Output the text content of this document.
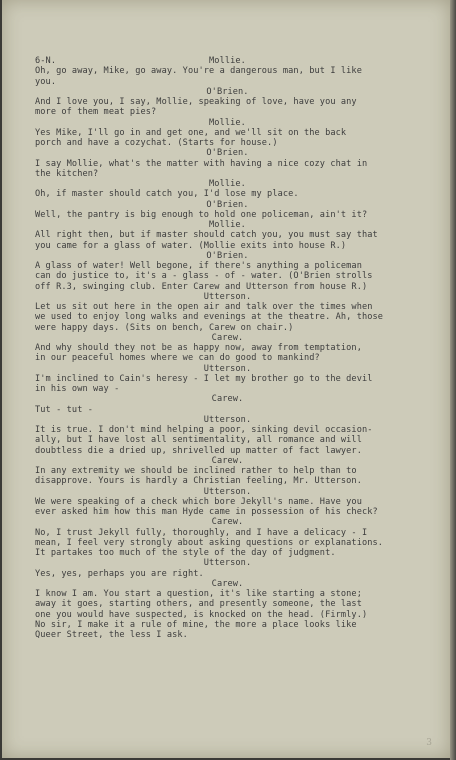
6-N.	Mollie.
Oh, go away, Mike, go away. You're a dangerous man, but I like
you.
O'Brien.
And I love you, I say, Mollie, speaking of love, have you any
more of them meat pies?
Mollie.
Yes Mike, I'll go in and get one, and we'll sit on the back
porch and have a cozychat. (Starts for house.)
O'Brien.
I say Mollie, what's the matter with having a nice cozy chat in
the kitchen?
Mollie.
Oh, if master should catch you, I'd lose my place.
O'Brien.
Well, the pantry is big enough to hold one policeman, ain't it?
Mollie.
All right then, but if master should catch you, you must say that
you came for a glass of water. (Mollie exits into house R.)
O'Brien.
A glass of water! Well begone, if there's anything a policeman
can do justice to, it's a - glass - of - water. (O'Brien strolls
off R.3, swinging club. Enter Carew and Utterson from house R.)
Utterson.
Let us sit out here in the open air and talk over the times when
we used to enjoy long walks and evenings at the theatre. Ah, those
were happy days. (Sits on bench, Carew on chair.)
Carew.
And why should they not be as happy now, away from temptation,
in our peaceful homes where we can do good to mankind?
Utterson.
I'm inclined to Cain's heresy - I let my brother go to the devil
in his own way -
Carew.
Tut - tut -
Utterson.
It is true. I don't mind helping a poor, sinking devil occasion-
ally, but I have lost all sentimentality, all romance and will
doubtless die a dried up, shrivelled up matter of fact lawyer.
Carew.
In any extremity we should be inclined rather to help than to
disapprove. Yours is hardly a Christian feeling, Mr. Utterson.
Utterson.
We were speaking of a check which bore Jekyll's name. Have you
ever asked him how this man Hyde came in possession of his check?
Carew.
No, I trust Jekyll fully, thoroughly, and I have a delicacy - I
mean, I feel very strongly about asking questions or explanations.
It partakes too much of the style of the day of judgment.
Utterson.
Yes, yes, perhaps you are right.
Carew.
I know I am. You start a question, it's like starting a stone;
away it goes, starting others, and presently someone, the last
one you would have suspected, is knocked on the head. (Firmly.)
No sir, I make it a rule of mine, the more a place looks like
Queer Street, the less I ask.
3
